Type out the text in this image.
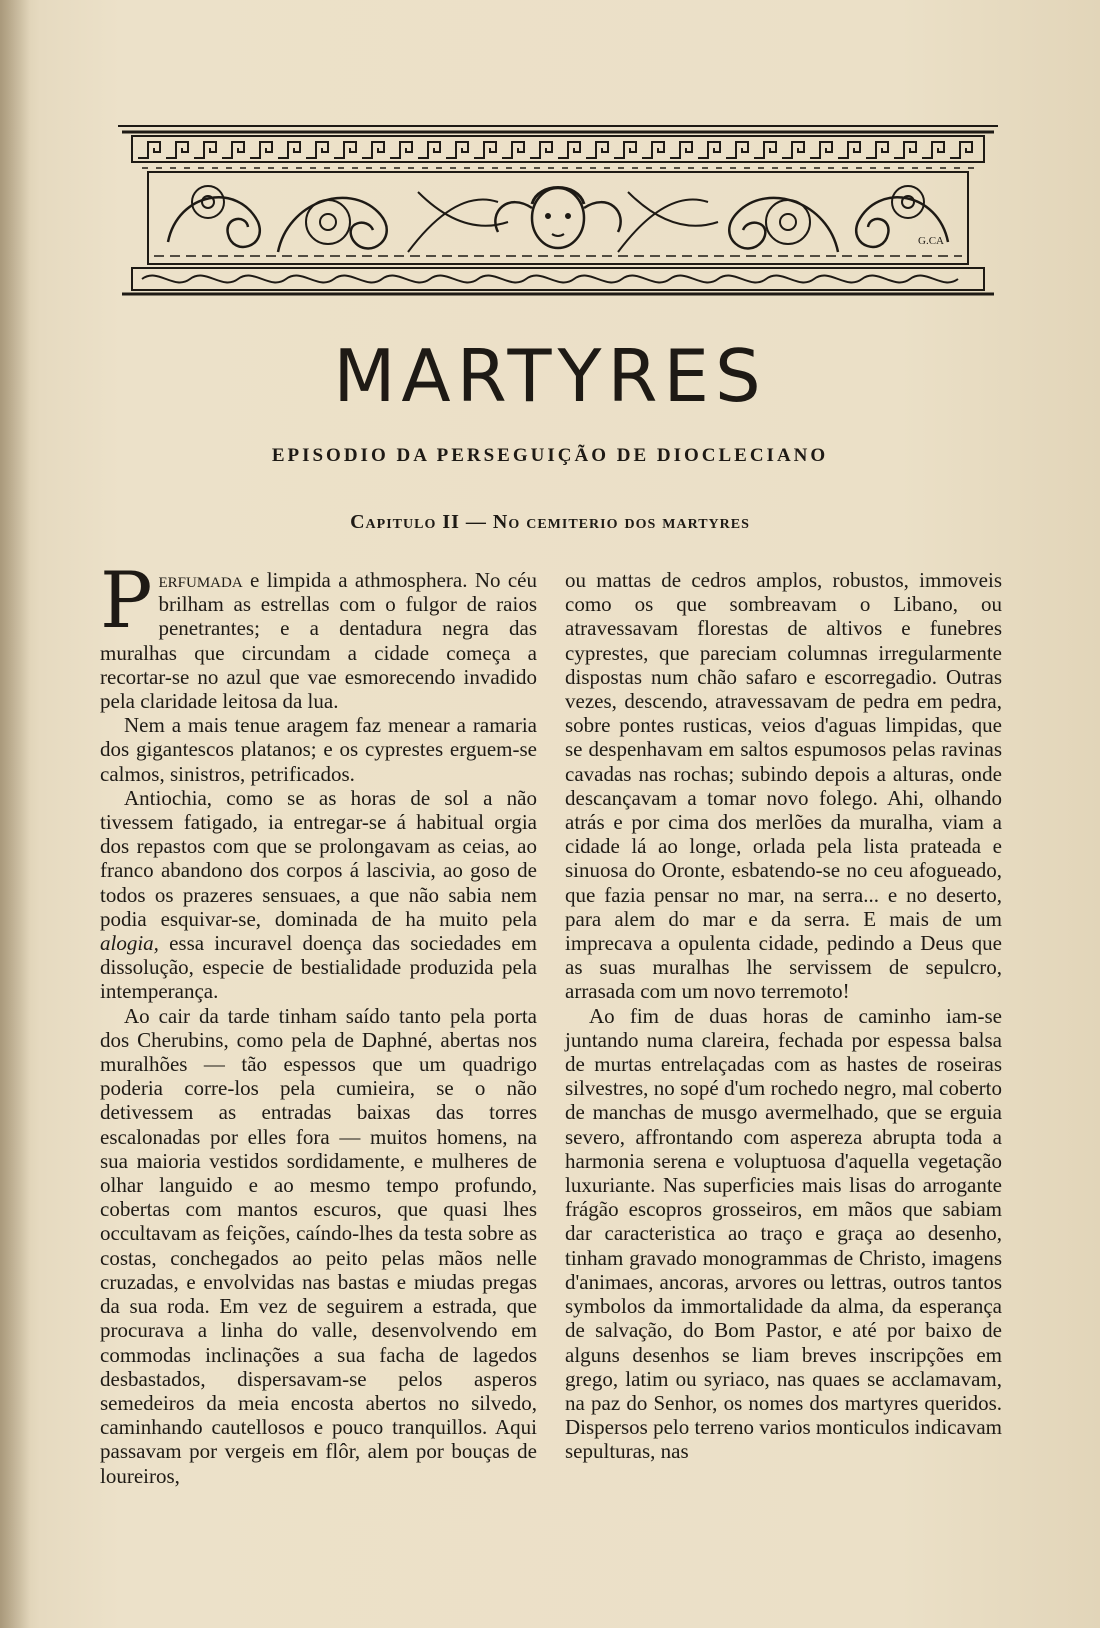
G.CA
MARTYRES
EPISODIO DA PERSEGUIÇÃO DE DIOCLECIANO
Capitulo II — No cemiterio dos martyres

Perfumada e limpida a athmosphera. No céu brilham as estrellas com o fulgor de raios penetrantes; e a dentadura negra das muralhas que circundam a cidade começa a recortar-se no azul que vae esmorecendo invadido pela claridade leitosa da lua.

Nem a mais tenue aragem faz menear a ramaria dos gigantescos platanos; e os cyprestes erguem-se calmos, sinistros, petrificados.

Antiochia, como se as horas de sol a não tivessem fatigado, ia entregar-se á habitual orgia dos repastos com que se prolongavam as ceias, ao franco abandono dos corpos á lascivia, ao goso de todos os prazeres sensuaes, a que não sabia nem podia esquivar-se, dominada de ha muito pela alogia, essa incuravel doença das sociedades em dissolução, especie de bestialidade produzida pela intemperança.

Ao cair da tarde tinham saído tanto pela porta dos Cherubins, como pela de Daphné, abertas nos muralhões — tão espessos que um quadrigo poderia corre-los pela cumieira, se o não detivessem as entradas baixas das torres escalonadas por elles fora — muitos homens, na sua maioria vestidos sordidamente, e mulheres de olhar languido e ao mesmo tempo profundo, cobertas com mantos escuros, que quasi lhes occultavam as feições, caíndo-lhes da testa sobre as costas, conchegados ao peito pelas mãos nelle cruzadas, e envolvidas nas bastas e miudas pregas da sua roda. Em vez de seguirem a estrada, que procurava a linha do valle, desenvolvendo em commodas inclinações a sua facha de lagedos desbastados, dispersavam-se pelos asperos semedeiros da meia encosta abertos no silvedo, caminhando cautellosos e pouco tranquillos. Aqui passavam por vergeis em flôr, alem por bouças de loureiros,

ou mattas de cedros amplos, robustos, immoveis como os que sombreavam o Libano, ou atravessavam florestas de altivos e funebres cyprestes, que pareciam columnas irregularmente dispostas num chão safaro e escorregadio. Outras vezes, descendo, atravessavam de pedra em pedra, sobre pontes rusticas, veios d'aguas limpidas, que se despenhavam em saltos espumosos pelas ravinas cavadas nas rochas; subindo depois a alturas, onde descançavam a tomar novo folego. Ahi, olhando atrás e por cima dos merlões da muralha, viam a cidade lá ao longe, orlada pela lista prateada e sinuosa do Oronte, esbatendo-se no ceu afogueado, que fazia pensar no mar, na serra... e no deserto, para alem do mar e da serra. E mais de um imprecava a opulenta cidade, pedindo a Deus que as suas muralhas lhe servissem de sepulcro, arrasada com um novo terremoto!

Ao fim de duas horas de caminho iam-se juntando numa clareira, fechada por espessa balsa de murtas entrelaçadas com as hastes de roseiras silvestres, no sopé d'um rochedo negro, mal coberto de manchas de musgo avermelhado, que se erguia severo, affrontando com aspereza abrupta toda a harmonia serena e voluptuosa d'aquella vegetação luxuriante. Nas superficies mais lisas do arrogante frágão escopros grosseiros, em mãos que sabiam dar caracteristica ao traço e graça ao desenho, tinham gravado monogrammas de Christo, imagens d'animaes, ancoras, arvores ou lettras, outros tantos symbolos da immortalidade da alma, da esperança de salvação, do Bom Pastor, e até por baixo de alguns desenhos se liam breves inscripções em grego, latim ou syriaco, nas quaes se acclamavam, na paz do Senhor, os nomes dos martyres queridos. Dispersos pelo terreno varios monticulos indicavam sepulturas, nas
